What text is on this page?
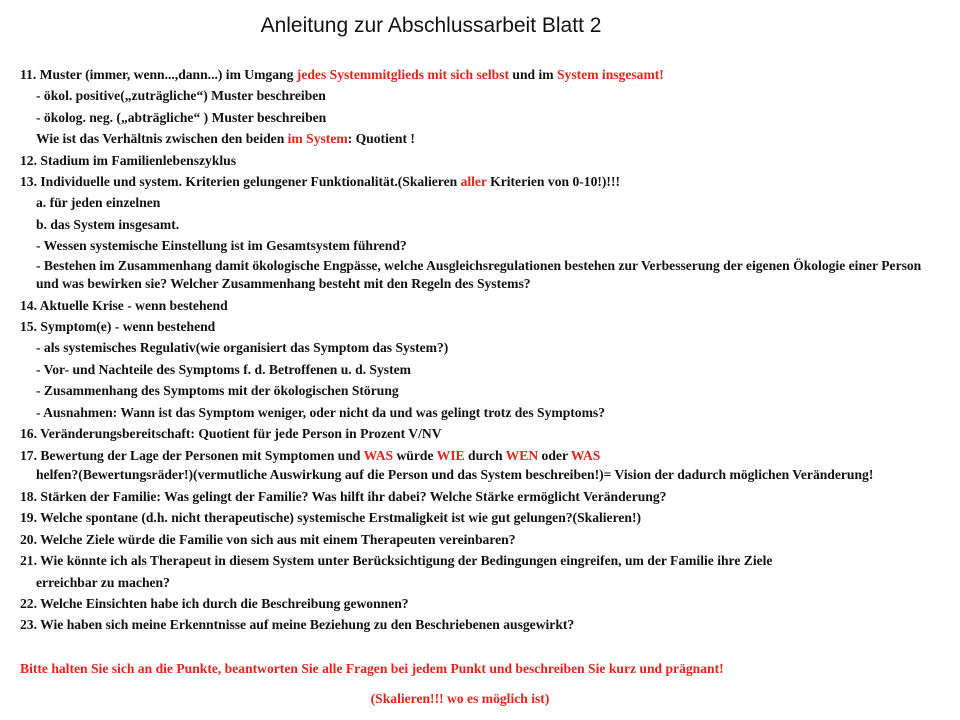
Anleitung zur Abschlussarbeit Blatt 2
11. Muster (immer, wenn...,dann...) im Umgang jedes Systemmitglieds mit sich selbst und im System insgesamt!
- ökol. positive(„zuträgliche“) Muster beschreiben
- ökolog. neg. („abträgliche“ ) Muster beschreiben
Wie ist das Verhältnis zwischen den beiden im System: Quotient !
12. Stadium im Familienlebenszyklus
13. Individuelle und system. Kriterien gelungener Funktionalität.(Skalieren aller Kriterien von 0-10!)!!!
a. für jeden einzelnen
b. das System insgesamt.
- Wessen systemische Einstellung ist im Gesamtsystem führend?
- Bestehen im Zusammenhang damit ökologische Engpässe, welche Ausgleichsregulationen bestehen zur Verbesserung der eigenen Ökologie einer Person und was bewirken sie? Welcher Zusammenhang besteht mit den Regeln des Systems?
14. Aktuelle Krise - wenn bestehend
15. Symptom(e) - wenn bestehend
- als systemisches Regulativ(wie organisiert das Symptom das System?)
- Vor- und Nachteile des Symptoms f. d. Betroffenen u. d. System
- Zusammenhang des Symptoms mit der ökologischen Störung
- Ausnahmen: Wann ist das Symptom weniger, oder nicht da und was gelingt trotz des Symptoms?
16. Veränderungsbereitschaft: Quotient für jede Person in Prozent V/NV
17. Bewertung der Lage der Personen mit Symptomen und WAS würde WIE durch WEN oder WAS
helfen?(Bewertungsräder!)(vermutliche Auswirkung auf die Person und das System beschreiben!)= Vision der dadurch möglichen Veränderung!
18. Stärken der Familie: Was gelingt der Familie? Was hilft ihr dabei? Welche Stärke ermöglicht Veränderung?
19. Welche spontane (d.h. nicht therapeutische) systemische Erstmaligkeit ist wie gut gelungen?(Skalieren!)
20. Welche Ziele würde die Familie von sich aus mit einem Therapeuten vereinbaren?
21. Wie könnte ich als Therapeut in diesem System unter Berücksichtigung der Bedingungen eingreifen, um der Familie ihre Ziele
erreichbar zu machen?
22. Welche Einsichten habe ich durch die Beschreibung gewonnen?
23. Wie haben sich meine Erkenntnisse auf meine Beziehung zu den Beschriebenen ausgewirkt?
Bitte halten Sie sich an die Punkte, beantworten Sie alle Fragen bei jedem Punkt und beschreiben Sie kurz und prägnant!
(Skalieren!!! wo es möglich ist)
